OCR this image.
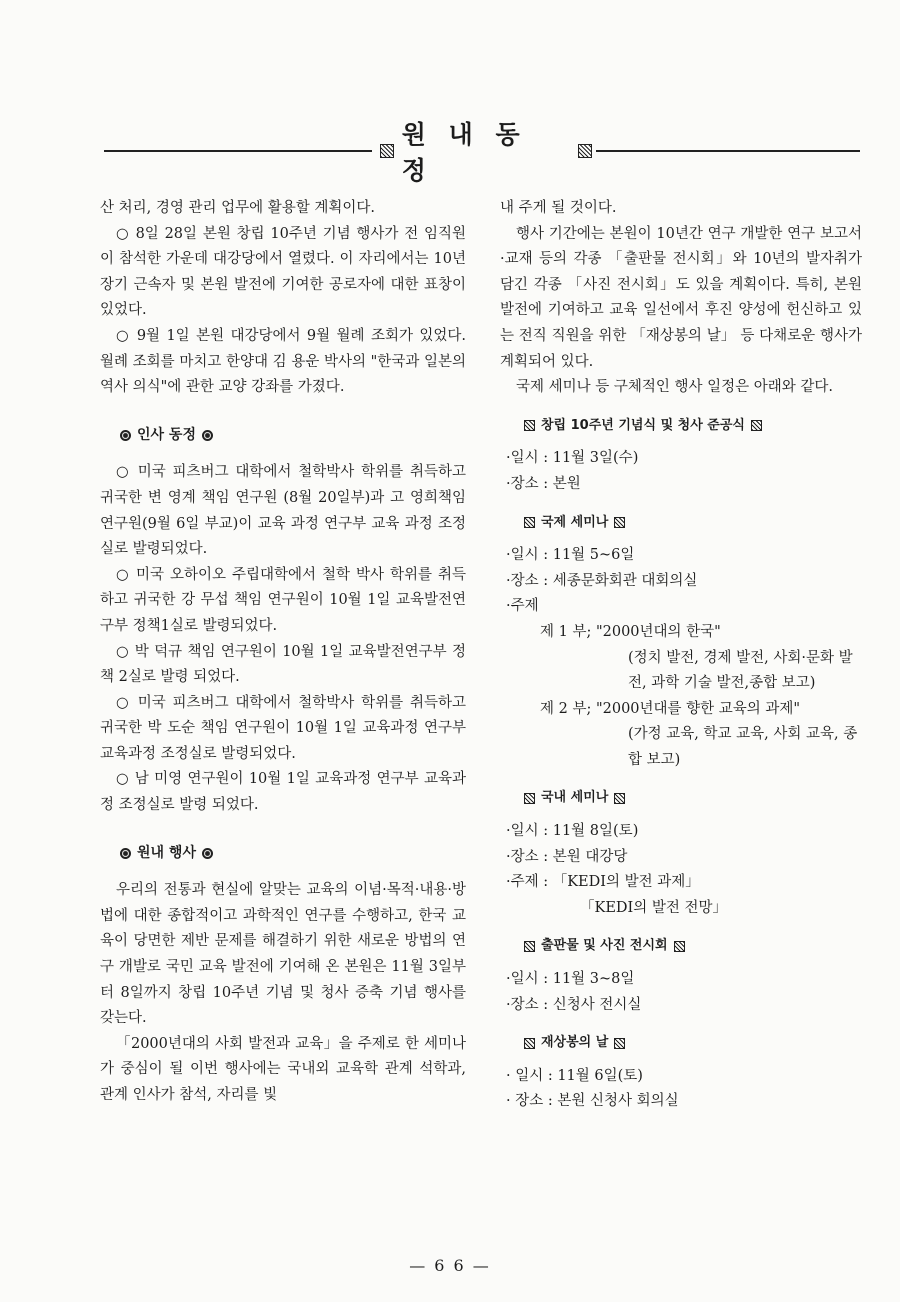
원 내 동 정

산 처리, 경영 관리 업무에 활용할 계획이다.

○ 8일 28일 본원 창립 10주년 기념 행사가 전 임직원이 참석한 가운데 대강당에서 열렸다. 이 자리에서는 10년 장기 근속자 및 본원 발전에 기여한 공로자에 대한 표창이 있었다.

○ 9월 1일 본원 대강당에서 9월 월례 조회가 있었다. 월례 조회를 마치고 한양대 김 용운 박사의 "한국과 일본의 역사 의식"에 관한 교양 강좌를 가졌다.

인사 동정

○ 미국 피츠버그 대학에서 철학박사 학위를 취득하고 귀국한 변 영계 책임 연구원 (8월 20일부)과 고 영희책임 연구원(9월 6일 부교)이 교육 과정 연구부 교육 과정 조정실로 발령되었다.

○ 미국 오하이오 주립대학에서 철학 박사 학위를 취득하고 귀국한 강 무섭 책임 연구원이 10월 1일 교육발전연구부 정책1실로 발령되었다.

○ 박 덕규 책임 연구원이 10월 1일 교육발전연구부 정책 2실로 발령 되었다.

○ 미국 피츠버그 대학에서 철학박사 학위를 취득하고 귀국한 박 도순 책임 연구원이 10월 1일 교육과정 연구부 교육과정 조정실로 발령되었다.

○ 남 미영 연구원이 10월 1일 교육과정 연구부 교육과정 조정실로 발령 되었다.

원내 행사

우리의 전통과 현실에 알맞는 교육의 이념·목적·내용·방법에 대한 종합적이고 과학적인 연구를 수행하고, 한국 교육이 당면한 제반 문제를 해결하기 위한 새로운 방법의 연구 개발로 국민 교육 발전에 기여해 온 본원은 11월 3일부터 8일까지 창립 10주년 기념 및 청사 증축 기념 행사를 갖는다.

「2000년대의 사회 발전과 교육」을 주제로 한 세미나가 중심이 될 이번 행사에는 국내외 교육학 관계 석학과, 관계 인사가 참석, 자리를 빛

내 주게 될 것이다.

행사 기간에는 본원이 10년간 연구 개발한 연구 보고서·교재 등의 각종 「출판물 전시회」와 10년의 발자취가 담긴 각종 「사진 전시회」도 있을 계획이다. 특히, 본원 발전에 기여하고 교육 일선에서 후진 양성에 헌신하고 있는 전직 직원을 위한 「재상봉의 날」 등 다채로운 행사가 계획되어 있다.

국제 세미나 등 구체적인 행사 일정은 아래와 같다.

창립 10주년 기념식 및 청사 준공식
·일시 : 11월 3일(수)
·장소 : 본원
국제 세미나
·일시 : 11월 5~6일
·장소 : 세종문화회관 대회의실
·주제
제 1 부; "2000년대의 한국"
(정치 발전, 경제 발전, 사회·문화 발전, 과학 기술 발전,종합 보고)
제 2 부; "2000년대를 향한 교육의 과제"
(가정 교육, 학교 교육, 사회 교육, 종합 보고)
국내 세미나
·일시 : 11월 8일(토)
·장소 : 본원 대강당
·주제 : 「KEDI의 발전 과제」
「KEDI의 발전 전망」
출판물 및 사진 전시회
·일시 : 11월 3~8일
·장소 : 신청사 전시실
재상봉의 날
· 일시 : 11월 6일(토)
· 장소 : 본원 신청사 회의실
— 6 6 —
